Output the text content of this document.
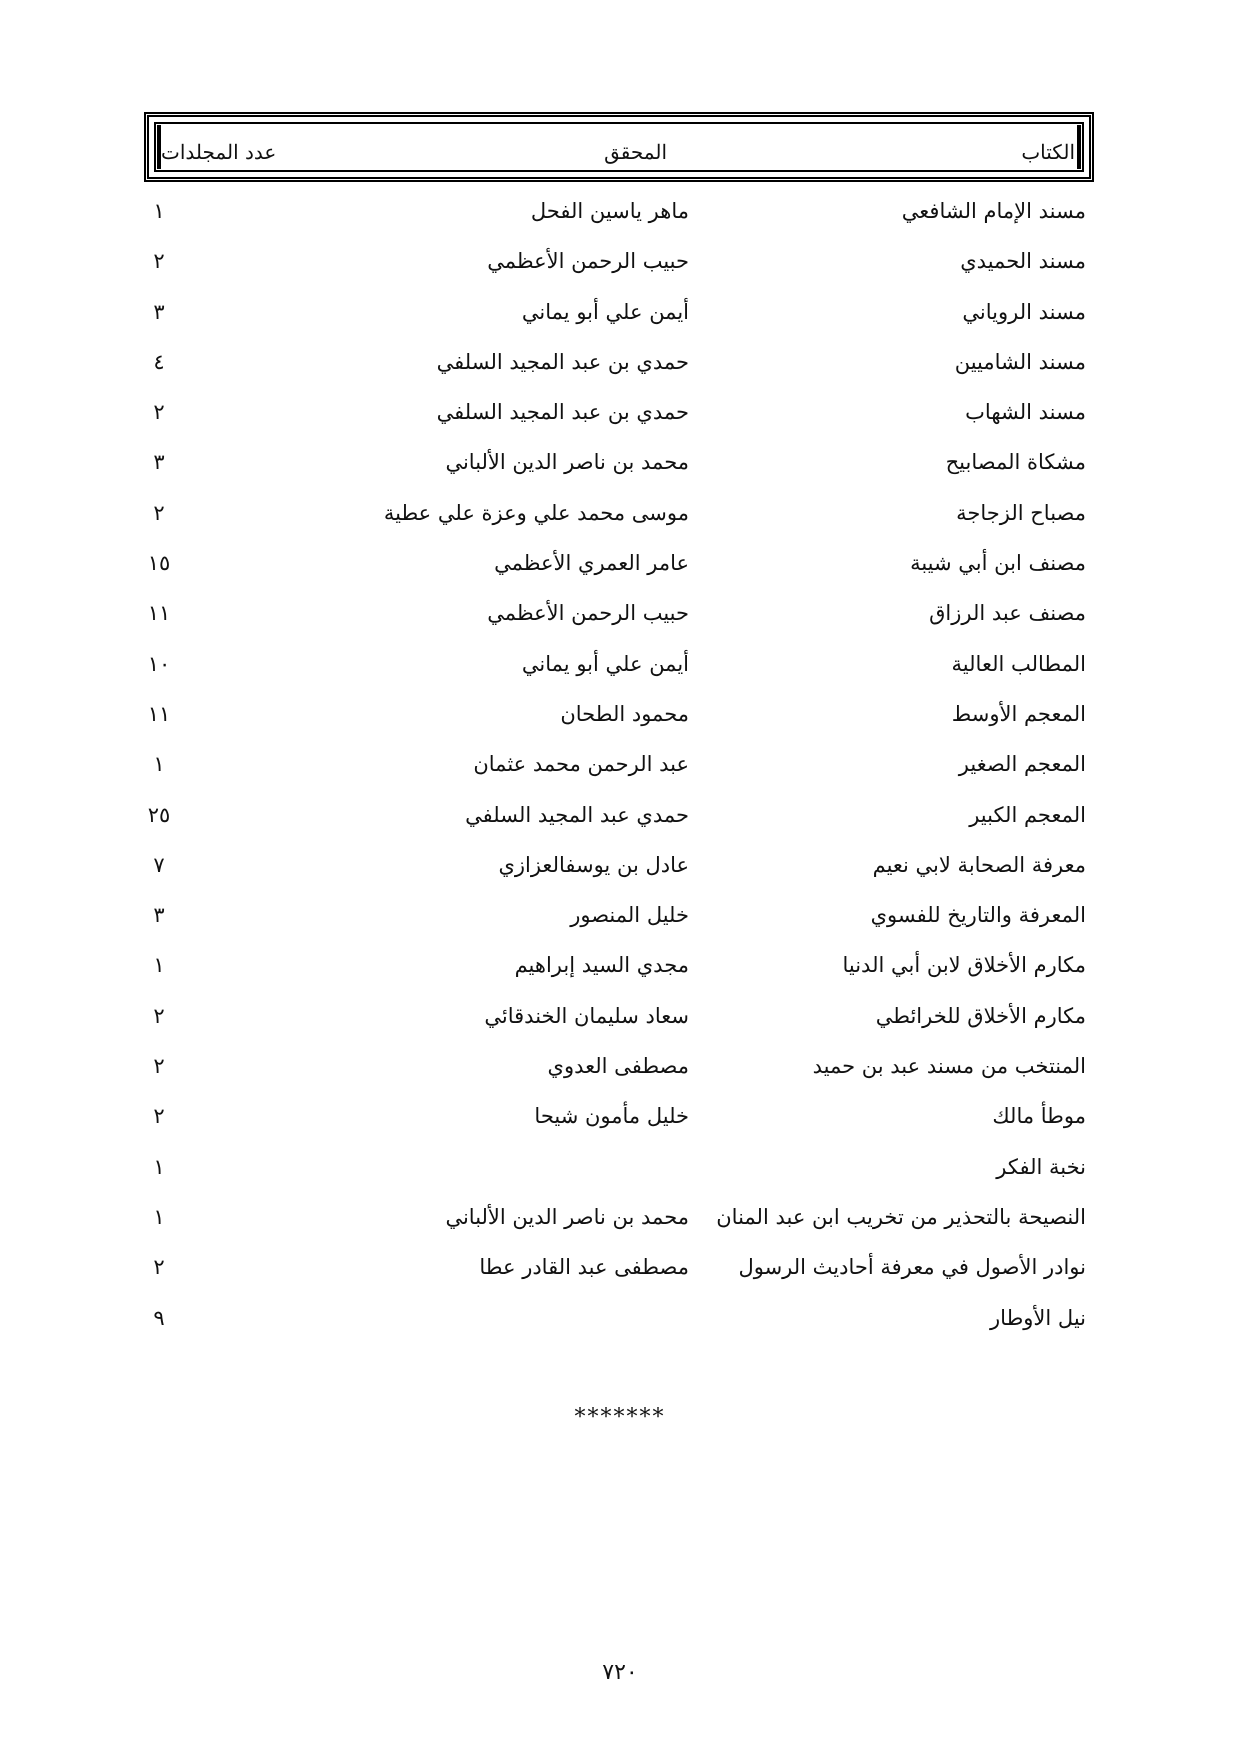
الكتاب
المحقق
عدد المجلدات
مسند الإمام الشافعي
ماهر ياسين الفحل
١
مسند الحميدي
حبيب الرحمن الأعظمي
٢
مسند الروياني
أيمن علي أبو يماني
٣
مسند الشاميين
حمدي بن عبد المجيد السلفي
٤
مسند الشهاب
حمدي بن عبد المجيد السلفي
٢
مشكاة المصابيح
محمد بن ناصر الدين الألباني
٣
مصباح الزجاجة
موسى محمد علي وعزة علي عطية
٢
مصنف ابن أبي شيبة
عامر العمري الأعظمي
١٥
مصنف عبد الرزاق
حبيب الرحمن الأعظمي
١١
المطالب العالية
أيمن علي أبو يماني
١٠
المعجم الأوسط
محمود الطحان
١١
المعجم الصغير
عبد الرحمن محمد عثمان
١
المعجم الكبير
حمدي عبد المجيد السلفي
٢٥
معرفة الصحابة لابي نعيم
عادل بن يوسفالعزازي
٧
المعرفة والتاريخ للفسوي
خليل المنصور
٣
مكارم الأخلاق لابن أبي الدنيا
مجدي السيد إبراهيم
١
مكارم الأخلاق للخرائطي
سعاد سليمان الخندقائي
٢
المنتخب من مسند عبد بن حميد
مصطفى العدوي
٢
موطأ مالك
خليل مأمون شيحا
٢
نخبة الفكر
١
النصيحة بالتحذير من تخريب ابن عبد المنان
محمد بن ناصر الدين الألباني
١
نوادر الأصول في معرفة أحاديث الرسول
مصطفى عبد القادر عطا
٢
نيل الأوطار
٩
*******
٧٢٠
